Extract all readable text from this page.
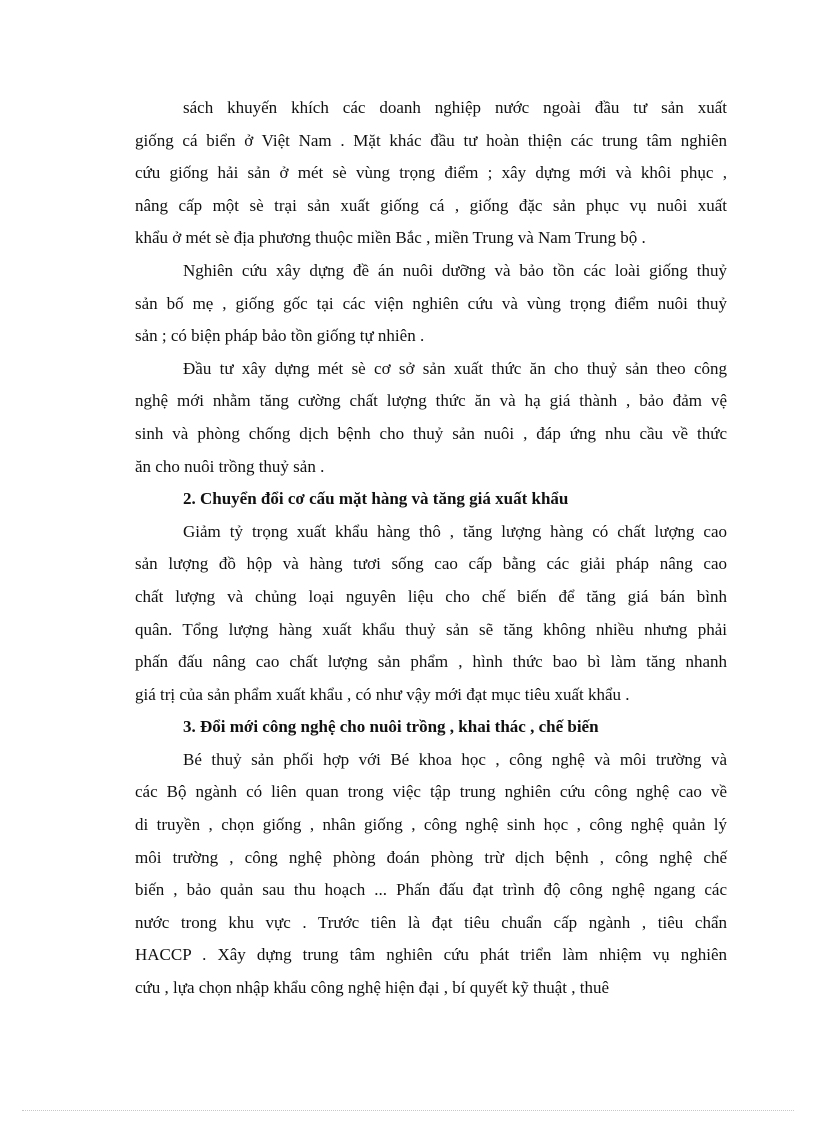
sách khuyến khích các doanh nghiệp nước ngoài đầu tư sản xuất
giống cá biển ở Việt Nam . Mặt khác đầu tư hoàn thiện các trung tâm nghiên
cứu giống hải sản ở mét sè vùng trọng điểm ; xây dựng mới và khôi phục ,
nâng cấp một sè trại sản xuất giống cá , giống đặc sản phục vụ nuôi xuất
khẩu ở mét sè địa phương thuộc miền Bắc , miền Trung và Nam Trung bộ .
Nghiên cứu xây dựng đề án nuôi dưỡng và bảo tồn các loài giống thuỷ
sản bố mẹ , giống gốc tại các viện nghiên cứu và vùng trọng điểm nuôi thuỷ
sản ; có biện pháp bảo tồn giống tự nhiên .
Đầu tư xây dựng mét sè cơ sở sản xuất thức ăn cho thuỷ sản theo công
nghệ mới nhằm tăng cường chất lượng thức ăn và hạ giá thành , bảo đảm vệ
sinh và phòng chống dịch bệnh cho thuỷ sản nuôi , đáp ứng nhu cầu về thức
ăn cho nuôi trồng thuỷ sản .
2. Chuyển đổi cơ cấu mặt hàng và tăng giá xuất khẩu
Giảm tỷ trọng xuất khẩu hàng thô , tăng lượng hàng có chất lượng cao
sản lượng đồ hộp và hàng tươi sống cao cấp bằng các giải pháp nâng cao
chất lượng và chủng loại nguyên liệu cho chế biến để tăng giá bán bình
quân. Tổng lượng hàng xuất khẩu thuỷ sản sẽ tăng không nhiều nhưng phải
phấn đấu nâng cao chất lượng sản phẩm , hình thức bao bì làm tăng nhanh
giá trị của sản phẩm xuất khẩu , có như vậy mới đạt mục tiêu xuất khẩu .
3. Đổi mới công nghệ cho nuôi trồng , khai thác , chế biến
Bé thuỷ sản phối hợp với Bé khoa học , công nghệ và môi trường và
các Bộ ngành có liên quan trong việc tập trung nghiên cứu công nghệ cao về
di truyền , chọn giống , nhân giống , công nghệ sinh học , công nghệ quản lý
môi trường , công nghệ phòng đoán phòng trừ dịch bệnh , công nghệ chế
biến , bảo quản sau thu hoạch ... Phấn đấu đạt trình độ công nghệ ngang các
nước trong khu vực . Trước tiên là đạt tiêu chuẩn cấp ngành , tiêu chẩn
HACCP . Xây dựng trung tâm nghiên cứu phát triển làm nhiệm vụ nghiên
cứu , lựa chọn nhập khẩu công nghệ hiện đại , bí quyết kỹ thuật , thuê
